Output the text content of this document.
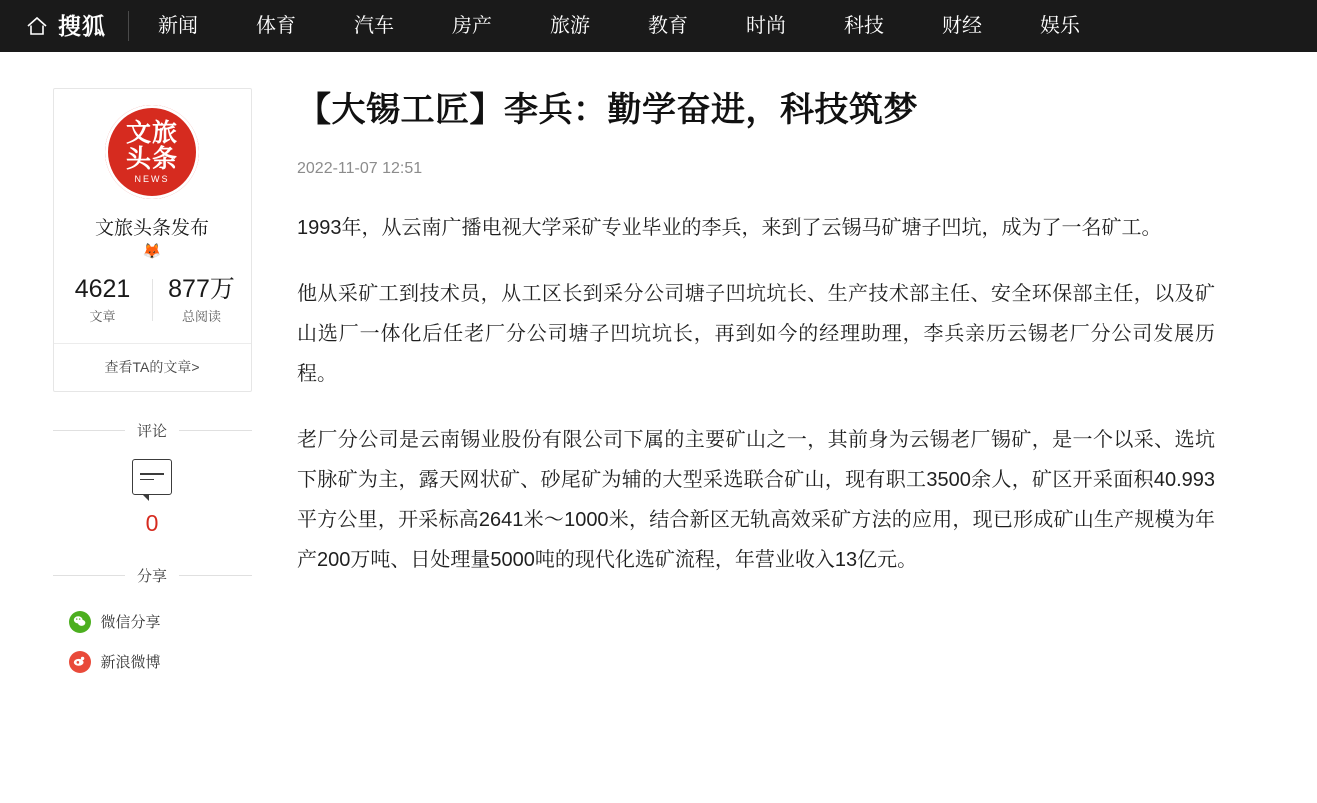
搜狐	新闻	体育	汽车	房产	旅游	教育	时尚	科技	财经	娱乐
文旅
头条
NEWS
文旅头条发布
🦊
4621
文章
877万
总阅读
查看TA的文章>
评论
0
分享
微信分享
新浪微博
【大锡工匠】李兵：勤学奋进，科技筑梦
2022-11-07 12:51

1993年，从云南广播电视大学采矿专业毕业的李兵，来到了云锡马矿塘子凹坑，成为了一名矿工。

他从采矿工到技术员，从工区长到采分公司塘子凹坑坑长、生产技术部主任、安全环保部主任，以及矿山选厂一体化后任老厂分公司塘子凹坑坑长，再到如今的经理助理，李兵亲历云锡老厂分公司发展历程。

老厂分公司是云南锡业股份有限公司下属的主要矿山之一，其前身为云锡老厂锡矿，是一个以采、选坑下脉矿为主，露天网状矿、砂尾矿为辅的大型采选联合矿山，现有职工3500余人，矿区开采面积40.993平方公里，开采标高2641米～1000米，结合新区无轨高效采矿方法的应用，现已形成矿山生产规模为年产200万吨、日处理量5000吨的现代化选矿流程，年营业收入13亿元。
